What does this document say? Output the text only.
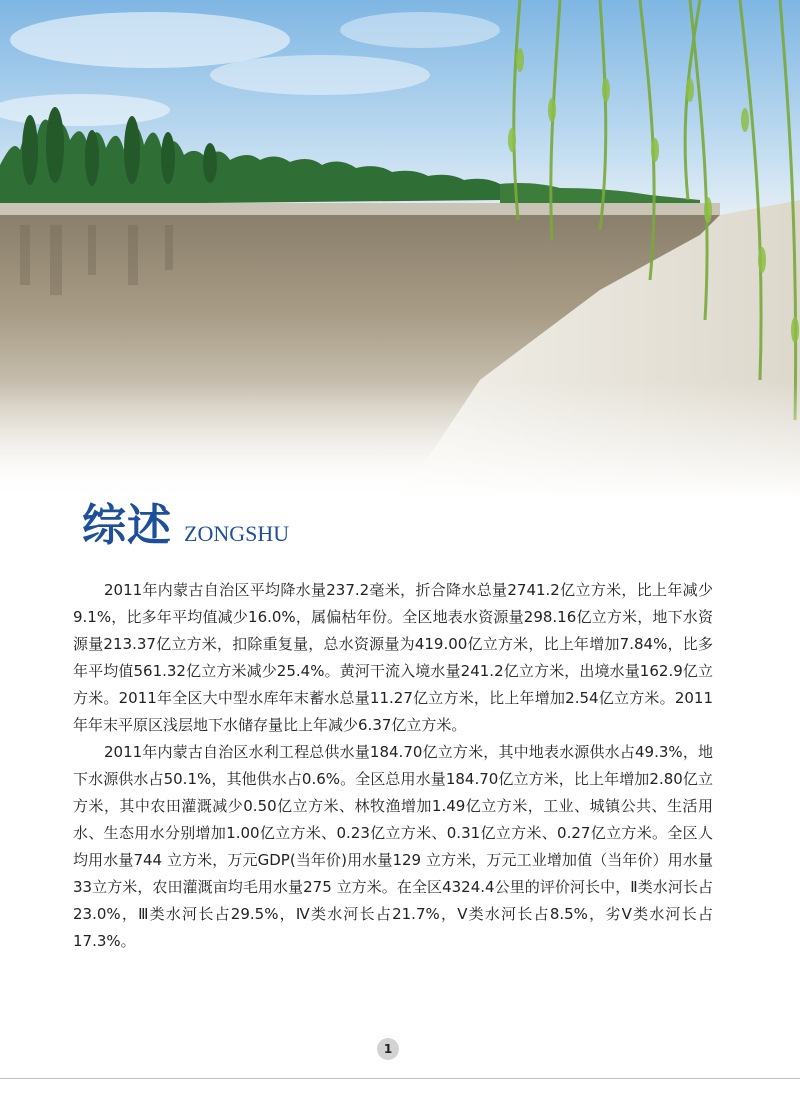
综述 ZONGSHU

2011年内蒙古自治区平均降水量237.2毫米，折合降水总量2741.2亿立方米，比上年减少9.1%，比多年平均值减少16.0%，属偏枯年份。全区地表水资源量298.16亿立方米，地下水资源量213.37亿立方米，扣除重复量，总水资源量为419.00亿立方米，比上年增加7.84%，比多年平均值561.32亿立方米减少25.4%。黄河干流入境水量241.2亿立方米，出境水量162.9亿立方米。2011年全区大中型水库年末蓄水总量11.27亿立方米，比上年增加2.54亿立方米。2011年年末平原区浅层地下水储存量比上年减少6.37亿立方米。

2011年内蒙古自治区水利工程总供水量184.70亿立方米，其中地表水源供水占49.3%，地下水源供水占50.1%，其他供水占0.6%。全区总用水量184.70亿立方米，比上年增加2.80亿立方米，其中农田灌溉减少0.50亿立方米、林牧渔增加1.49亿立方米，工业、城镇公共、生活用水、生态用水分别增加1.00亿立方米、0.23亿立方米、0.31亿立方米、0.27亿立方米。全区人均用水量744 立方米，万元GDP(当年价)用水量129 立方米，万元工业增加值（当年价）用水量 33立方米，农田灌溉亩均毛用水量275 立方米。在全区4324.4公里的评价河长中，Ⅱ类水河长占23.0%，Ⅲ类水河长占29.5%，Ⅳ类水河长占21.7%，Ⅴ类水河长占8.5%，劣Ⅴ类水河长占17.3%。

1
